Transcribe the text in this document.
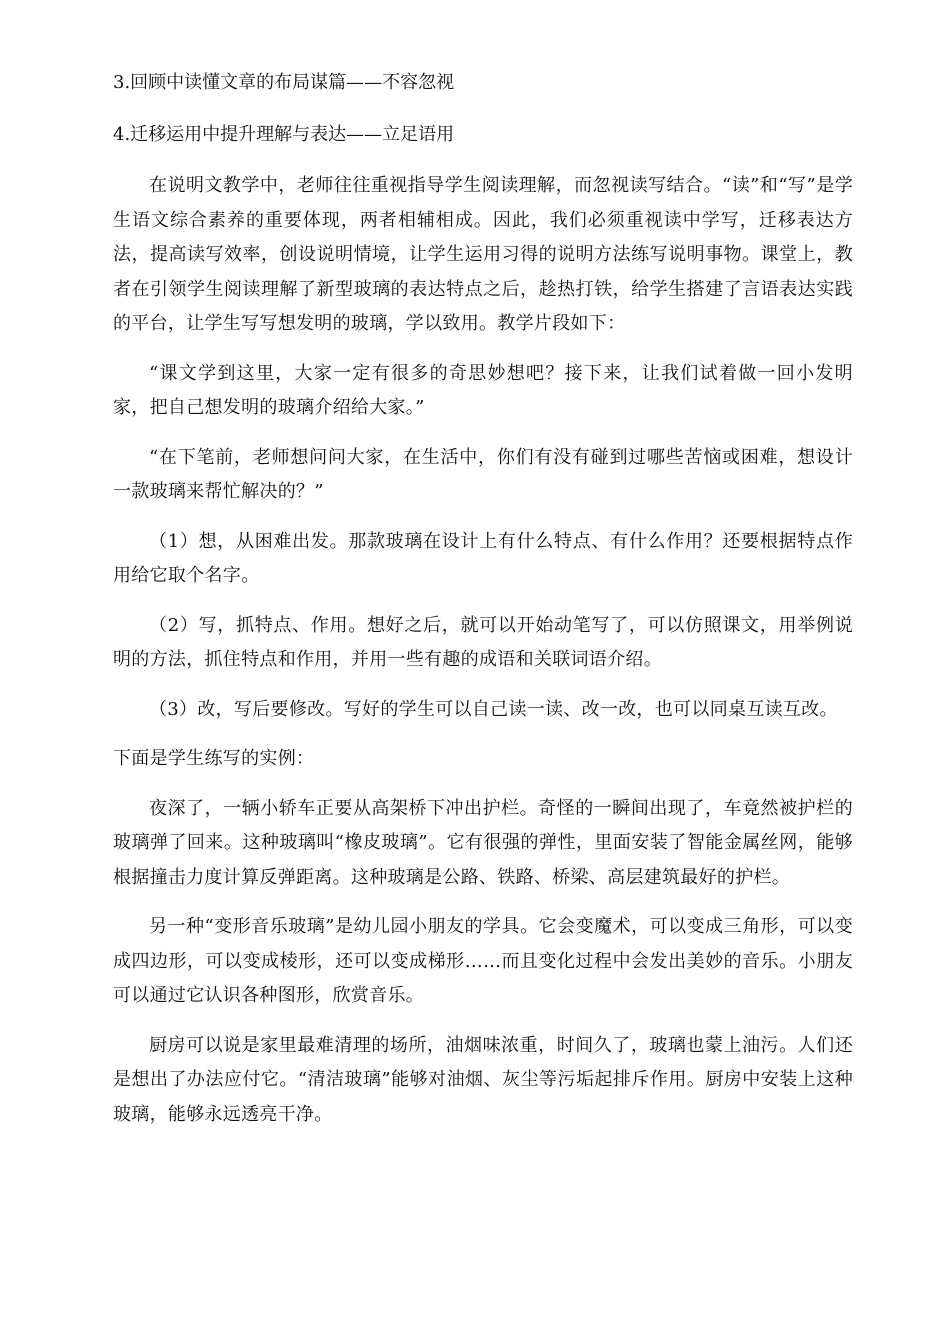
3.回顾中读懂文章的布局谋篇——不容忽视

4.迁移运用中提升理解与表达——立足语用

在说明文教学中，老师往往重视指导学生阅读理解，而忽视读写结合。“读”和“写”是学生语文综合素养的重要体现，两者相辅相成。因此，我们必须重视读中学写，迁移表达方法，提高读写效率，创设说明情境，让学生运用习得的说明方法练写说明事物。课堂上，教者在引领学生阅读理解了新型玻璃的表达特点之后，趁热打铁，给学生搭建了言语表达实践的平台，让学生写写想发明的玻璃，学以致用。教学片段如下：

“课文学到这里，大家一定有很多的奇思妙想吧？接下来，让我们试着做一回小发明家，把自己想发明的玻璃介绍给大家。”

“在下笔前，老师想问问大家，在生活中，你们有没有碰到过哪些苦恼或困难，想设计一款玻璃来帮忙解决的？”

（1）想，从困难出发。那款玻璃在设计上有什么特点、有什么作用？还要根据特点作用给它取个名字。

（2）写，抓特点、作用。想好之后，就可以开始动笔写了，可以仿照课文，用举例说明的方法，抓住特点和作用，并用一些有趣的成语和关联词语介绍。

（3）改，写后要修改。写好的学生可以自己读一读、改一改，也可以同桌互读互改。

下面是学生练写的实例：

夜深了，一辆小轿车正要从高架桥下冲出护栏。奇怪的一瞬间出现了，车竟然被护栏的玻璃弹了回来。这种玻璃叫“橡皮玻璃”。它有很强的弹性，里面安装了智能金属丝网，能够根据撞击力度计算反弹距离。这种玻璃是公路、铁路、桥梁、高层建筑最好的护栏。

另一种“变形音乐玻璃”是幼儿园小朋友的学具。它会变魔术，可以变成三角形，可以变成四边形，可以变成棱形，还可以变成梯形……而且变化过程中会发出美妙的音乐。小朋友可以通过它认识各种图形，欣赏音乐。

厨房可以说是家里最难清理的场所，油烟味浓重，时间久了，玻璃也蒙上油污。人们还是想出了办法应付它。“清洁玻璃”能够对油烟、灰尘等污垢起排斥作用。厨房中安装上这种玻璃，能够永远透亮干净。
